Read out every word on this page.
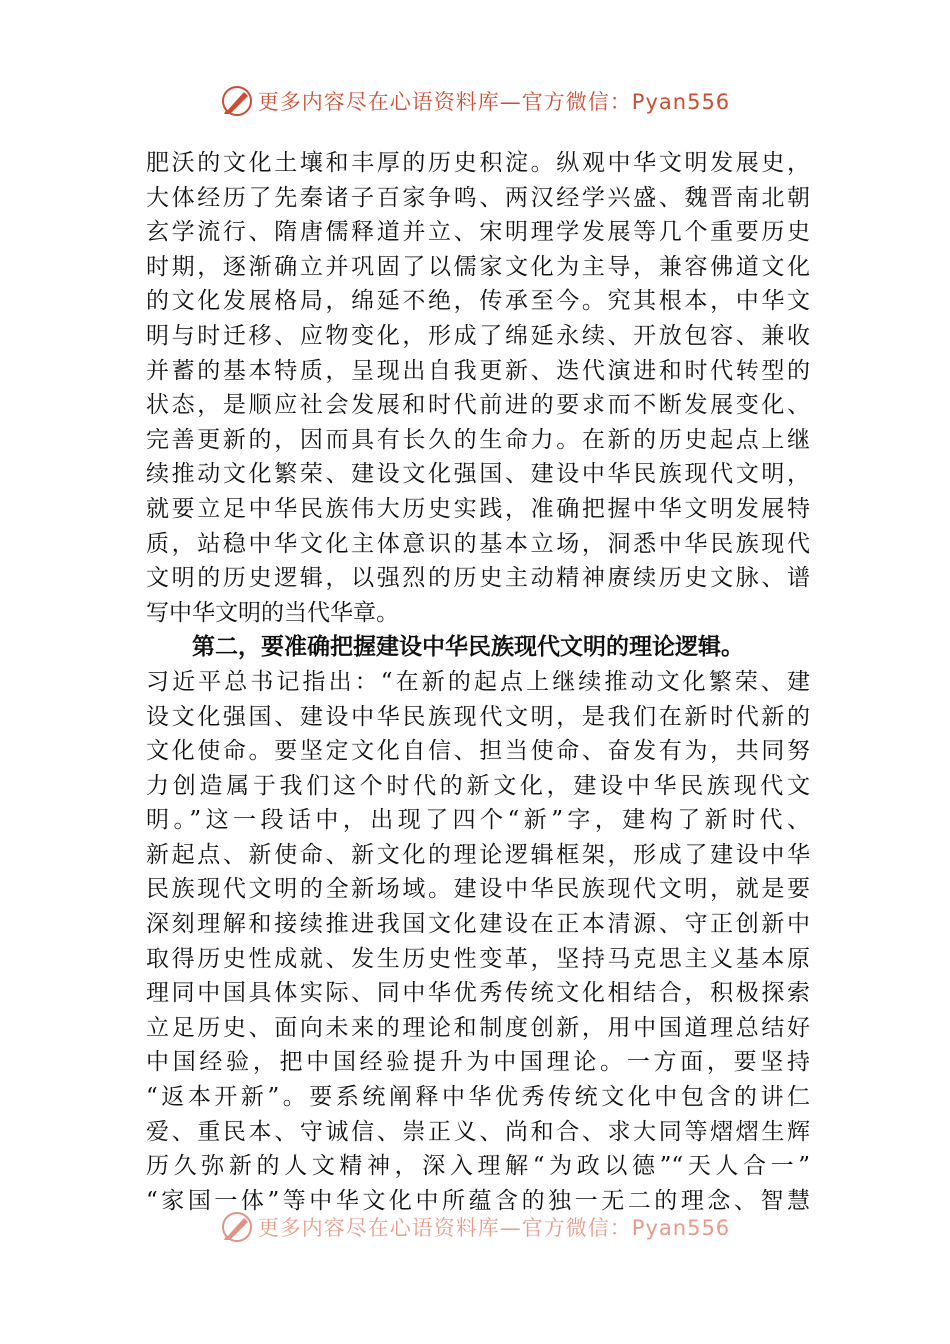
更多内容尽在心语资料库—官方微信：Pyan556
肥沃的文化土壤和丰厚的历史积淀。纵观中华文明发展史，
大体经历了先秦诸子百家争鸣、两汉经学兴盛、魏晋南北朝
玄学流行、隋唐儒释道并立、宋明理学发展等几个重要历史
时期，逐渐确立并巩固了以儒家文化为主导，兼容佛道文化
的文化发展格局，绵延不绝，传承至今。究其根本，中华文
明与时迁移、应物变化，形成了绵延永续、开放包容、兼收
并蓄的基本特质，呈现出自我更新、迭代演进和时代转型的
状态，是顺应社会发展和时代前进的要求而不断发展变化、
完善更新的，因而具有长久的生命力。在新的历史起点上继
续推动文化繁荣、建设文化强国、建设中华民族现代文明，
就要立足中华民族伟大历史实践，准确把握中华文明发展特
质，站稳中华文化主体意识的基本立场，洞悉中华民族现代
文明的历史逻辑，以强烈的历史主动精神赓续历史文脉、谱
写中华文明的当代华章。
第二，要准确把握建设中华民族现代文明的理论逻辑。
习近平总书记指出：“在新的起点上继续推动文化繁荣、建
设文化强国、建设中华民族现代文明，是我们在新时代新的
文化使命。要坚定文化自信、担当使命、奋发有为，共同努
力创造属于我们这个时代的新文化，建设中华民族现代文
明。”这一段话中，出现了四个“新”字，建构了新时代、
新起点、新使命、新文化的理论逻辑框架，形成了建设中华
民族现代文明的全新场域。建设中华民族现代文明，就是要
深刻理解和接续推进我国文化建设在正本清源、守正创新中
取得历史性成就、发生历史性变革，坚持马克思主义基本原
理同中国具体实际、同中华优秀传统文化相结合，积极探索
立足历史、面向未来的理论和制度创新，用中国道理总结好
中国经验，把中国经验提升为中国理论。一方面，要坚持
“返本开新”。要系统阐释中华优秀传统文化中包含的讲仁
爱、重民本、守诚信、崇正义、尚和合、求大同等熠熠生辉
历久弥新的人文精神，深入理解“为政以德”“天人合一”
“家国一体”等中华文化中所蕴含的独一无二的理念、智慧
更多内容尽在心语资料库—官方微信：Pyan556
